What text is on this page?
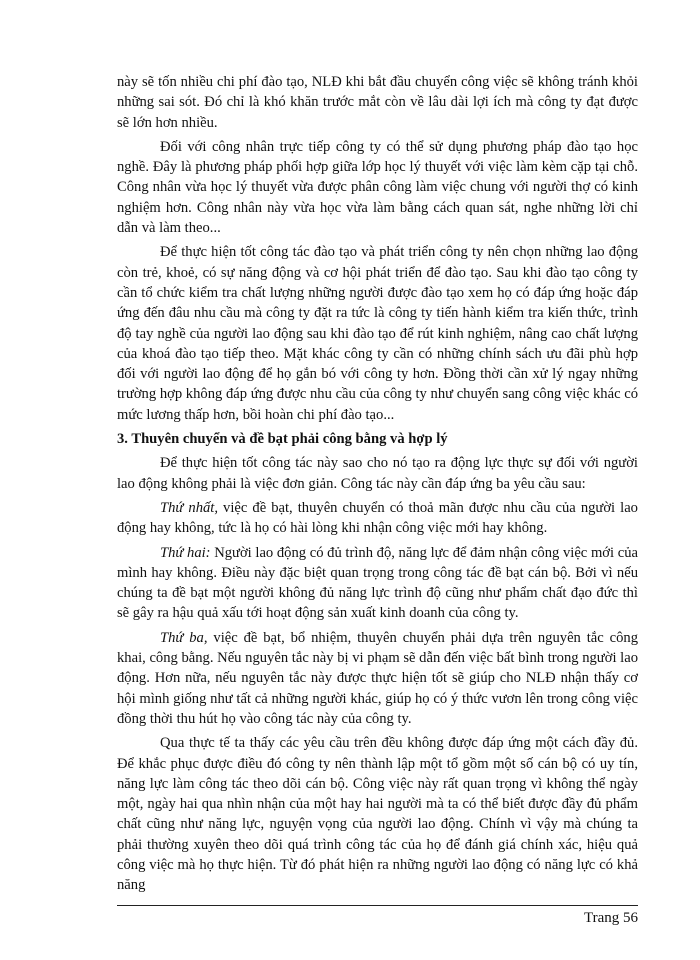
này sẽ tốn nhiều chi phí đào tạo, NLĐ khi bắt đầu chuyển công việc sẽ không tránh khỏi những sai sót. Đó chỉ là khó khăn trước mắt còn về lâu dài lợi ích mà công ty đạt được sẽ lớn hơn nhiều.

Đối với công nhân trực tiếp công ty có thể sử dụng phương pháp đào tạo học nghề. Đây là phương pháp phối hợp giữa lớp học lý thuyết với việc làm kèm cặp tại chỗ. Công nhân vừa học lý thuyết vừa được phân công làm việc chung với người thợ có kinh nghiệm hơn. Công nhân này vừa học vừa làm bằng cách quan sát, nghe những lời chỉ dẫn và làm theo...

Để thực hiện tốt công tác đào tạo và phát triển công ty nên chọn những lao động còn trẻ, khoẻ, có sự năng động và cơ hội phát triển để đào tạo. Sau khi đào tạo công ty cần tổ chức kiểm tra chất lượng những người được đào tạo xem họ có đáp ứng hoặc đáp ứng đến đâu nhu cầu mà công ty đặt ra tức là công ty tiến hành kiểm tra kiến thức, trình độ tay nghề của người lao động sau khi đào tạo để rút kinh nghiệm, nâng cao chất lượng của khoá đào tạo tiếp theo. Mặt khác công ty cần có những chính sách ưu đãi phù hợp đối với người lao động để họ gắn bó với công ty hơn. Đồng thời cần xử lý ngay những trường hợp không đáp ứng được nhu cầu của công ty như chuyển sang công việc khác có mức lương thấp hơn, bồi hoàn chi phí đào tạo...

3. Thuyên chuyển và đề bạt phải công bằng và hợp lý

Để thực hiện tốt công tác này sao cho nó tạo ra động lực thực sự đối với người lao động không phải là việc đơn giản. Công tác này cần đáp ứng ba yêu cầu sau:

Thứ nhất, việc đề bạt, thuyên chuyển có thoả mãn được nhu cầu của người lao động hay không, tức là họ có hài lòng khi nhận công việc mới hay không.

Thứ hai: Người lao động có đủ trình độ, năng lực để đảm nhận công việc mới của mình hay không. Điều này đặc biệt quan trọng trong công tác đề bạt cán bộ. Bởi vì nếu chúng ta đề bạt một người không đủ năng lực trình độ cũng như phẩm chất đạo đức thì sẽ gây ra hậu quả xấu tới hoạt động sản xuất kinh doanh của công ty.

Thứ ba, việc đề bạt, bổ nhiệm, thuyên chuyển phải dựa trên nguyên tắc công khai, công bằng. Nếu nguyên tắc này bị vi phạm sẽ dẫn đến việc bất bình trong người lao động. Hơn nữa, nếu nguyên tắc này được thực hiện tốt sẽ giúp cho NLĐ nhận thấy cơ hội mình giống như tất cả những người khác, giúp họ có ý thức vươn lên trong công việc đồng thời thu hút họ vào công tác này của công ty.

Qua thực tế ta thấy các yêu cầu trên đều không được đáp ứng một cách đầy đủ. Để khắc phục được điều đó công ty nên thành lập một tổ gồm một số cán bộ có uy tín, năng lực làm công tác theo dõi cán bộ. Công việc này rất quan trọng vì không thể ngày một, ngày hai qua nhìn nhận của một hay hai người mà ta có thể biết được đầy đủ phẩm chất cũng như năng lực, nguyện vọng của người lao động. Chính vì vậy mà chúng ta phải thường xuyên theo dõi quá trình công tác của họ để đánh giá chính xác, hiệu quả công việc mà họ thực hiện. Từ đó phát hiện ra những người lao động có năng lực có khả năng

Trang 56
